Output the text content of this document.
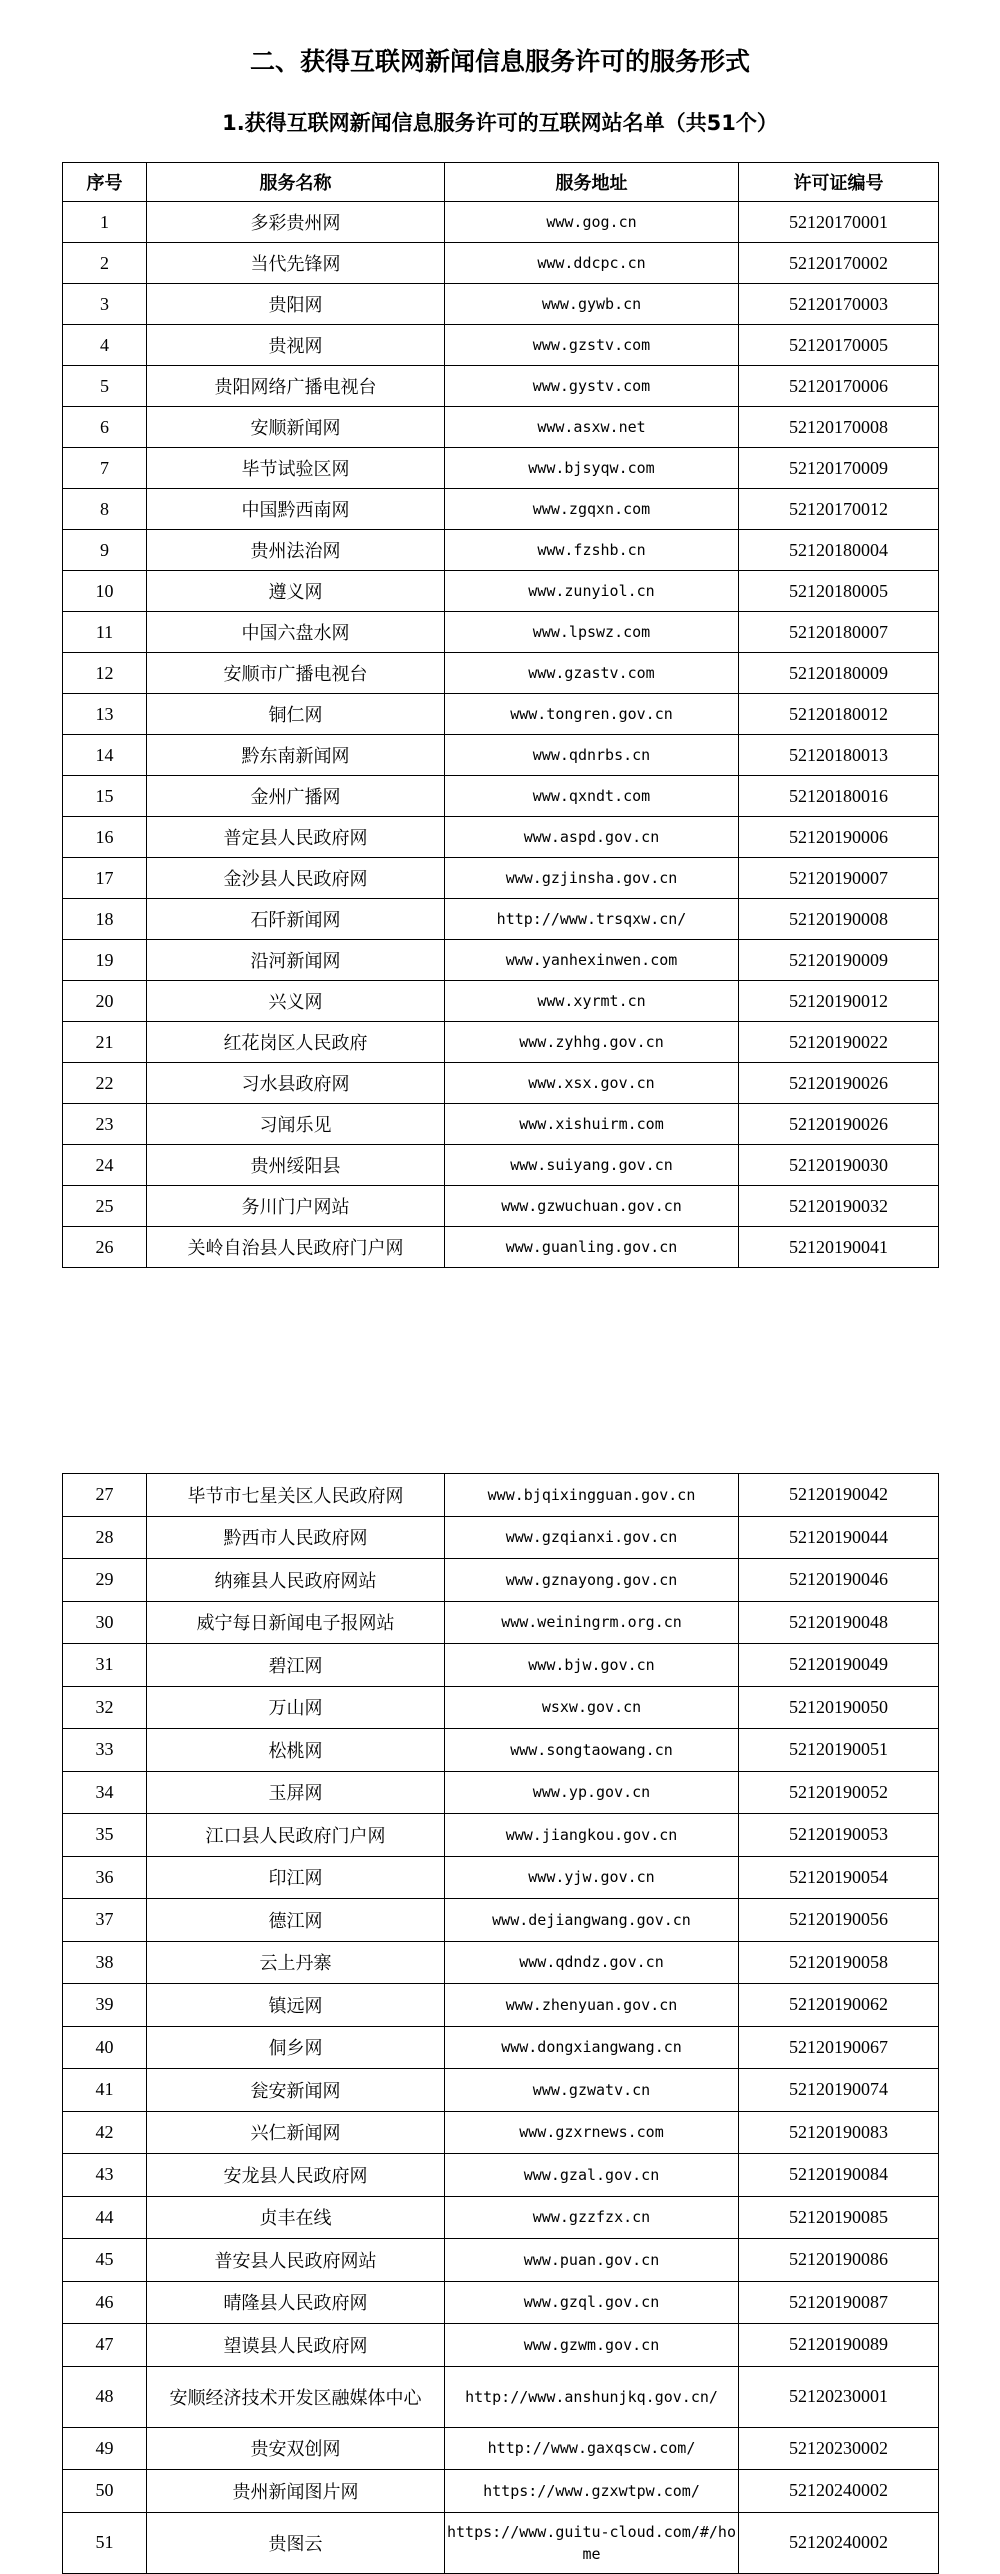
二、获得互联网新闻信息服务许可的服务形式
1.获得互联网新闻信息服务许可的互联网站名单（共51个）
序号	服务名称	服务地址	许可证编号
1	多彩贵州网	www.gog.cn	52120170001
2	当代先锋网	www.ddcpc.cn	52120170002
3	贵阳网	www.gywb.cn	52120170003
4	贵视网	www.gzstv.com	52120170005
5	贵阳网络广播电视台	www.gystv.com	52120170006
6	安顺新闻网	www.asxw.net	52120170008
7	毕节试验区网	www.bjsyqw.com	52120170009
8	中国黔西南网	www.zgqxn.com	52120170012
9	贵州法治网	www.fzshb.cn	52120180004
10	遵义网	www.zunyiol.cn	52120180005
11	中国六盘水网	www.lpswz.com	52120180007
12	安顺市广播电视台	www.gzastv.com	52120180009
13	铜仁网	www.tongren.gov.cn	52120180012
14	黔东南新闻网	www.qdnrbs.cn	52120180013
15	金州广播网	www.qxndt.com	52120180016
16	普定县人民政府网	www.aspd.gov.cn	52120190006
17	金沙县人民政府网	www.gzjinsha.gov.cn	52120190007
18	石阡新闻网	http://www.trsqxw.cn/	52120190008
19	沿河新闻网	www.yanhexinwen.com	52120190009
20	兴义网	www.xyrmt.cn	52120190012
21	红花岗区人民政府	www.zyhhg.gov.cn	52120190022
22	习水县政府网	www.xsx.gov.cn	52120190026
23	习闻乐见	www.xishuirm.com	52120190026
24	贵州绥阳县	www.suiyang.gov.cn	52120190030
25	务川门户网站	www.gzwuchuan.gov.cn	52120190032
26	关岭自治县人民政府门户网	www.guanling.gov.cn	52120190041
27	毕节市七星关区人民政府网	www.bjqixingguan.gov.cn	52120190042
28	黔西市人民政府网	www.gzqianxi.gov.cn	52120190044
29	纳雍县人民政府网站	www.gznayong.gov.cn	52120190046
30	威宁每日新闻电子报网站	www.weiningrm.org.cn	52120190048
31	碧江网	www.bjw.gov.cn	52120190049
32	万山网	wsxw.gov.cn	52120190050
33	松桃网	www.songtaowang.cn	52120190051
34	玉屏网	www.yp.gov.cn	52120190052
35	江口县人民政府门户网	www.jiangkou.gov.cn	52120190053
36	印江网	www.yjw.gov.cn	52120190054
37	德江网	www.dejiangwang.gov.cn	52120190056
38	云上丹寨	www.qdndz.gov.cn	52120190058
39	镇远网	www.zhenyuan.gov.cn	52120190062
40	侗乡网	www.dongxiangwang.cn	52120190067
41	瓮安新闻网	www.gzwatv.cn	52120190074
42	兴仁新闻网	www.gzxrnews.com	52120190083
43	安龙县人民政府网	www.gzal.gov.cn	52120190084
44	贞丰在线	www.gzzfzx.cn	52120190085
45	普安县人民政府网站	www.puan.gov.cn	52120190086
46	晴隆县人民政府网	www.gzql.gov.cn	52120190087
47	望谟县人民政府网	www.gzwm.gov.cn	52120190089
48	安顺经济技术开发区融媒体中心	http://www.anshunjkq.gov.cn/	52120230001
49	贵安双创网	http://www.gaxqscw.com/	52120230002
50	贵州新闻图片网	https://www.gzxwtpw.com/	52120240002
51	贵图云	https://www.guitu-cloud.com/#/home	52120240002
